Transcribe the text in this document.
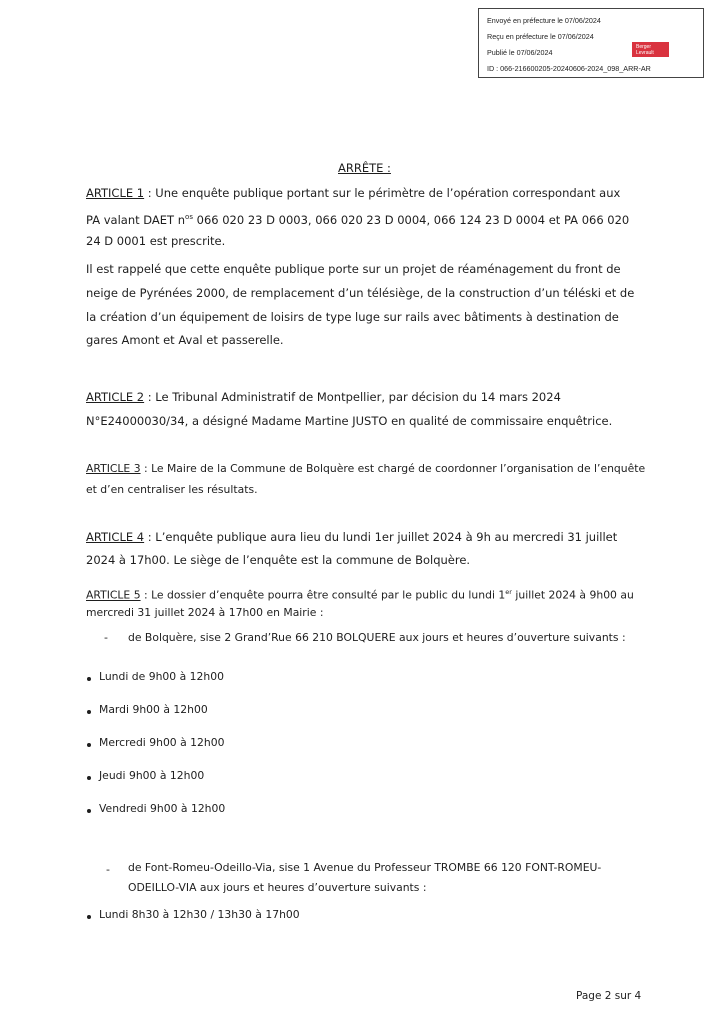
Envoyé en préfecture le 07/06/2024
Reçu en préfecture le 07/06/2024
Publié le 07/06/2024
ID : 066-216600205-20240606-2024_098_ARR-AR
Berger
Levrault
ARRÊTE :
ARTICLE 1 : Une enquête publique portant sur le périmètre de l’opération correspondant aux
PA valant DAET $n^{os}$ 066 020 23 D 0003, 066 020 23 D 0004, 066 124 23 D 0004 et PA 066 020
24 D 0001 est prescrite.
Il est rappelé que cette enquête publique porte sur un projet de réaménagement du front de
neige de Pyrénées 2000, de remplacement d’un télésiège, de la construction d’un téléski et de
la création d’un équipement de loisirs de type luge sur rails avec bâtiments à destination de
gares Amont et Aval et passerelle.
ARTICLE 2 : Le Tribunal Administratif de Montpellier, par décision du 14 mars 2024
N°E24000030/34, a désigné Madame Martine JUSTO en qualité de commissaire enquêtrice.
ARTICLE 3 : Le Maire de la Commune de Bolquère est chargé de coordonner l’organisation de l’enquête
et d’en centraliser les résultats.
ARTICLE 4 : L’enquête publique aura lieu du lundi 1er juillet 2024 à 9h au mercredi 31 juillet
2024 à 17h00. Le siège de l’enquête est la commune de Bolquère.
ARTICLE 5 : Le dossier d’enquête pourra être consulté par le public du lundi 1er juillet 2024 à 9h00 au
mercredi 31 juillet 2024 à 17h00 en Mairie :
- de Bolquère, sise 2 Grand’Rue 66 210 BOLQUERE aux jours et heures d’ouverture suivants :
Lundi de 9h00 à 12h00
Mardi 9h00 à 12h00
Mercredi 9h00 à 12h00
Jeudi 9h00 à 12h00
Vendredi 9h00 à 12h00
- de Font-Romeu-Odeillo-Via, sise 1 Avenue du Professeur TROMBE 66 120 FONT-ROMEU-
ODEILLO-VIA aux jours et heures d’ouverture suivants :
Lundi 8h30 à 12h30 / 13h30 à 17h00
Page 2 sur 4
